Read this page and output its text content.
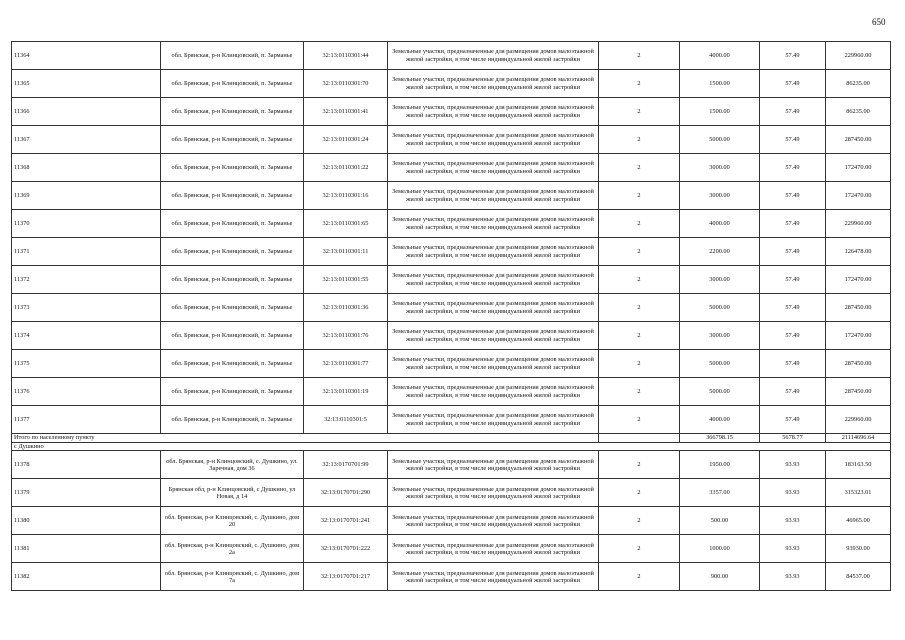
650
11364	обл. Брянская, р-н Клинцовский, п. Зарманье	32:13:0110301:44	Земельные участки, предназначенные для размещения домов малоэтажной жилой застройки, в том числе индивидуальной жилой застройки	2	4000.00	57.49	229960.00
11365	обл. Брянская, р-н Клинцовский, п. Зарманье	32:13:0110301:70	Земельные участки, предназначенные для размещения домов малоэтажной жилой застройки, в том числе индивидуальной жилой застройки	2	1500.00	57.49	86235.00
11366	обл. Брянская, р-н Клинцовский, п. Зарманье	32:13:0110301:41	Земельные участки, предназначенные для размещения домов малоэтажной жилой застройки, в том числе индивидуальной жилой застройки	2	1500.00	57.49	86235.00
11367	обл. Брянская, р-н Клинцовский, п. Зарманье	32:13:0110301:24	Земельные участки, предназначенные для размещения домов малоэтажной жилой застройки, в том числе индивидуальной жилой застройки	2	5000.00	57.49	287450.00
11368	обл. Брянская, р-н Клинцовский, п. Зарманье	32:13:0110301:22	Земельные участки, предназначенные для размещения домов малоэтажной жилой застройки, в том числе индивидуальной жилой застройки	2	3000.00	57.49	172470.00
11369	обл. Брянская, р-н Клинцовский, п. Зарманье	32:13:0110301:16	Земельные участки, предназначенные для размещения домов малоэтажной жилой застройки, в том числе индивидуальной жилой застройки	2	3000.00	57.49	172470.00
11370	обл. Брянская, р-н Клинцовский, п. Зарманье	32:13:0110301:65	Земельные участки, предназначенные для размещения домов малоэтажной жилой застройки, в том числе индивидуальной жилой застройки	2	4000.00	57.49	229960.00
11371	обл. Брянская, р-н Клинцовский, п. Зарманье	32:13:0110301:11	Земельные участки, предназначенные для размещения домов малоэтажной жилой застройки, в том числе индивидуальной жилой застройки	2	2200.00	57.49	126478.00
11372	обл. Брянская, р-н Клинцовский, п. Зарманье	32:13:0110301:55	Земельные участки, предназначенные для размещения домов малоэтажной жилой застройки, в том числе индивидуальной жилой застройки	2	3000.00	57.49	172470.00
11373	обл. Брянская, р-н Клинцовский, п. Зарманье	32:13:0110301:36	Земельные участки, предназначенные для размещения домов малоэтажной жилой застройки, в том числе индивидуальной жилой застройки	2	5000.00	57.49	287450.00
11374	обл. Брянская, р-н Клинцовский, п. Зарманье	32:13:0110301:76	Земельные участки, предназначенные для размещения домов малоэтажной жилой застройки, в том числе индивидуальной жилой застройки	2	3000.00	57.49	172470.00
11375	обл. Брянская, р-н Клинцовский, п. Зарманье	32:13:0110301:77	Земельные участки, предназначенные для размещения домов малоэтажной жилой застройки, в том числе индивидуальной жилой застройки	2	5000.00	57.49	287450.00
11376	обл. Брянская, р-н Клинцовский, п. Зарманье	32:13:0110301:19	Земельные участки, предназначенные для размещения домов малоэтажной жилой застройки, в том числе индивидуальной жилой застройки	2	5000.00	57.49	287450.00
11377	обл. Брянская, р-н Клинцовский, п. Зарманье	32:13:0110301:5	Земельные участки, предназначенные для размещения домов малоэтажной жилой застройки, в том числе индивидуальной жилой застройки	2	4000.00	57.49	229960.00
Итого по населенному пункту					366798.15	5678.77	21114696.64
с Душкино							
11378	обл. Брянская, р-н Клинцовский, с. Душкино, ул. Заречная, дом 36	32:13:0170701:99	Земельные участки, предназначенные для размещения домов малоэтажной жилой застройки, в том числе индивидуальной жилой застройки	2	1950.00	93.93	183163.50
11379	Брянская обл, р-н Клинцовский, с Душкино, ул Новая, д 14	32:13:0170701:290	Земельные участки, предназначенные для размещения домов малоэтажной жилой застройки, в том числе индивидуальной жилой застройки	2	3357.00	93.93	315323.01
11380	обл. Брянская, р-н Клинцовский, с. Душкино, дом 20	32:13:0170701:241	Земельные участки, предназначенные для размещения домов малоэтажной жилой застройки, в том числе индивидуальной жилой застройки	2	500.00	93.93	46965.00
11381	обл. Брянская, р-н Клинцовский, с. Душкино, дом 2а	32:13:0170701:222	Земельные участки, предназначенные для размещения домов малоэтажной жилой застройки, в том числе индивидуальной жилой застройки	2	1000.00	93.93	93930.00
11382	обл. Брянская, р-н Клинцовский, с. Душкино, дом 7а	32:13:0170701:217	Земельные участки, предназначенные для размещения домов малоэтажной жилой застройки, в том числе индивидуальной жилой застройки	2	900.00	93.93	84537.00
